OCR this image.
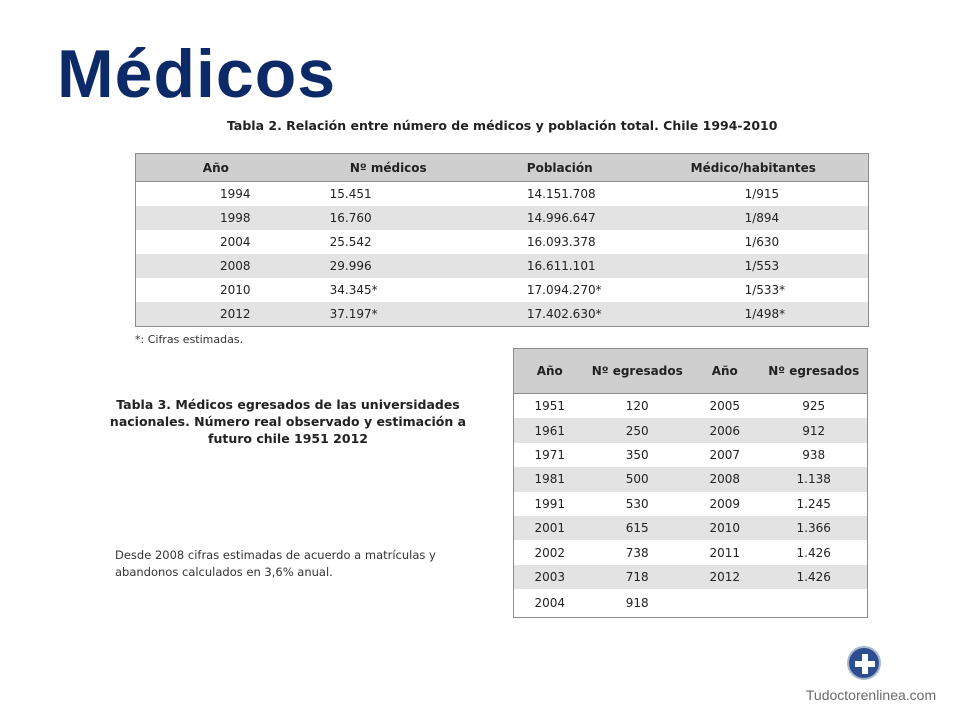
Médicos
Tabla 2. Relación entre número de médicos y población total. Chile 1994-2010
Año	Nº médicos	Población	Médico/habitantes
1994	15.451	14.151.708	1/915
1998	16.760	14.996.647	1/894
2004	25.542	16.093.378	1/630
2008	29.996	16.611.101	1/553
2010	34.345*	17.094.270*	1/533*
2012	37.197*	17.402.630*	1/498*
*: Cifras estimadas.
Tabla 3. Médicos egresados de las universidades nacionales. Número real observado y estimación a futuro chile 1951 2012
Desde 2008 cifras estimadas de acuerdo a matrículas y abandonos calculados en 3,6% anual.
Año	Nº egresados	Año	Nº egresados
1951	120	2005	925
1961	250	2006	912
1971	350	2007	938
1981	500	2008	1.138
1991	530	2009	1.245
2001	615	2010	1.366
2002	738	2011	1.426
2003	718	2012	1.426
2004	918		
Tudoctorenlinea.com
